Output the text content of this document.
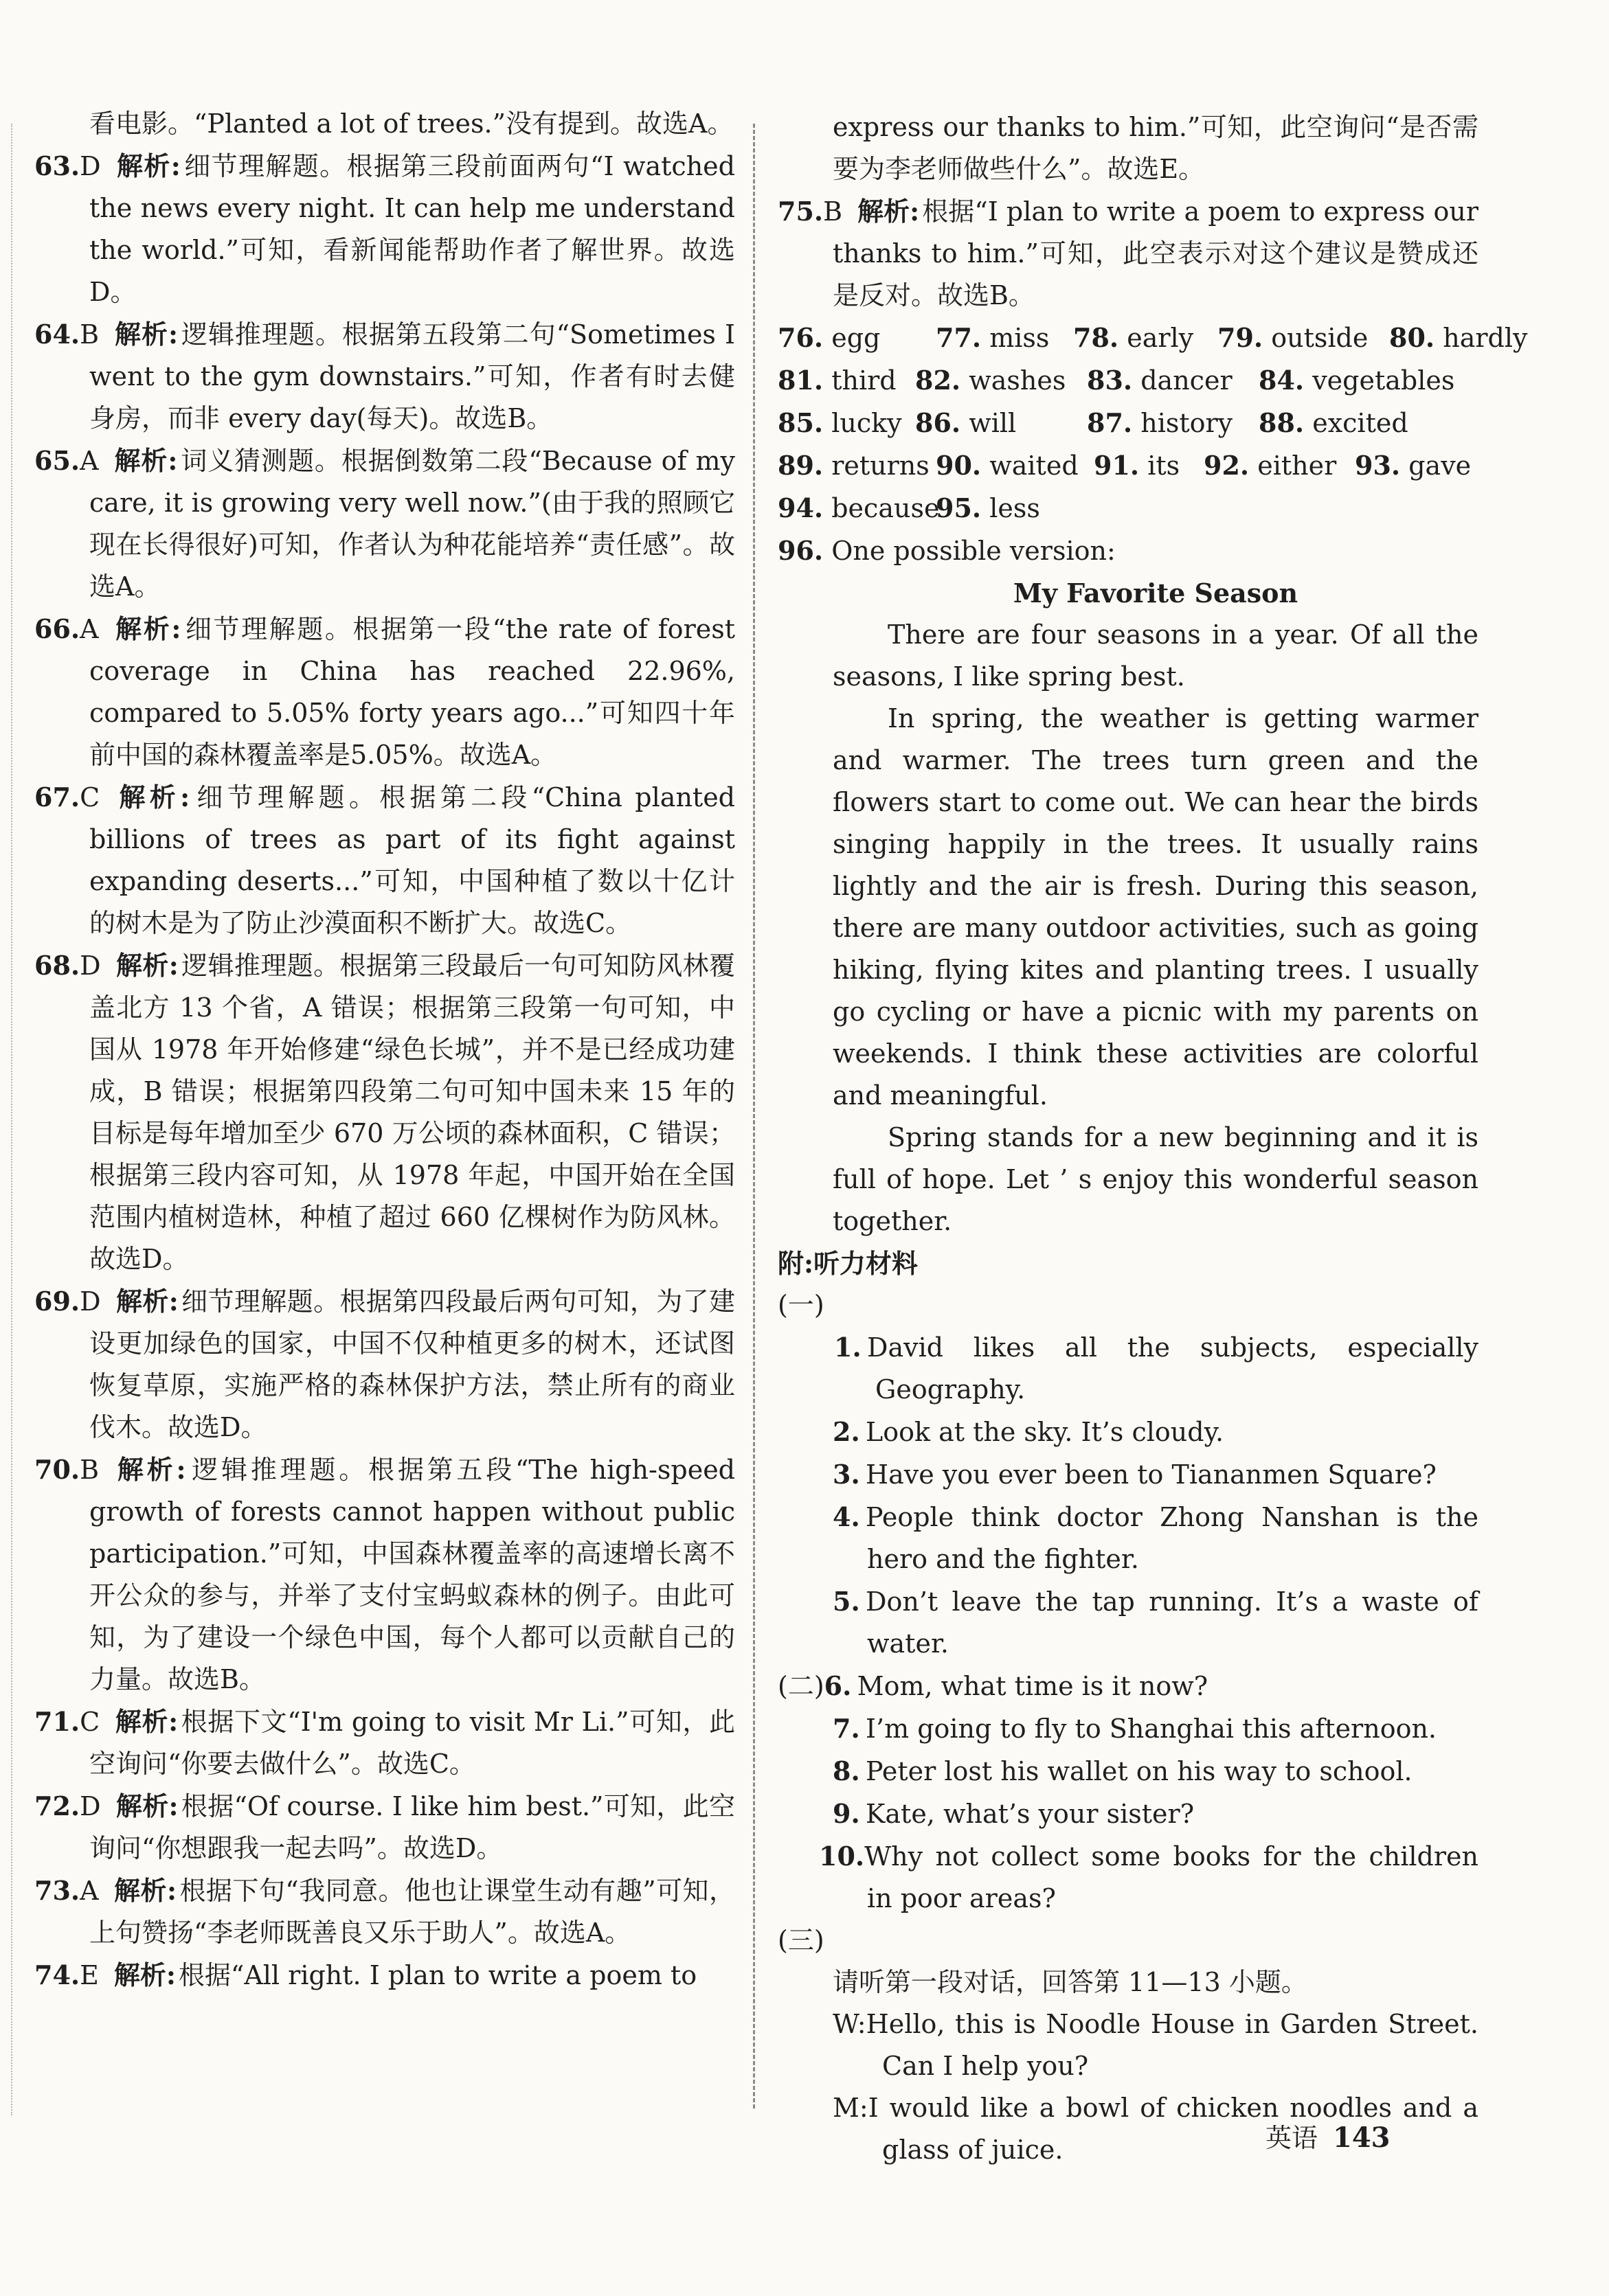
看电影。“Planted a lot of trees.”没有提到。故选A。

63.D 解析: 细节理解题。根据第三段前面两句“I watched the news every night. It can help me understand the world.”可知，看新闻能帮助作者了解世界。故选D。

64.B 解析: 逻辑推理题。根据第五段第二句“Sometimes I went to the gym downstairs.”可知，作者有时去健身房，而非 every day(每天)。故选B。

65.A 解析: 词义猜测题。根据倒数第二段“Because of my care, it is growing very well now.”(由于我的照顾它现在长得很好)可知，作者认为种花能培养“责任感”。故选A。

66.A 解析: 细节理解题。根据第一段“the rate of forest coverage in China has reached 22.96%, compared to 5.05% forty years ago...”可知四十年前中国的森林覆盖率是5.05%。故选A。

67.C 解析: 细节理解题。根据第二段“China planted billions of trees as part of its fight against expanding deserts...”可知，中国种植了数以十亿计的树木是为了防止沙漠面积不断扩大。故选C。

68.D 解析: 逻辑推理题。根据第三段最后一句可知防风林覆盖北方 13 个省，A 错误；根据第三段第一句可知，中国从 1978 年开始修建“绿色长城”，并不是已经成功建成，B 错误；根据第四段第二句可知中国未来 15 年的目标是每年增加至少 670 万公顷的森林面积，C 错误；根据第三段内容可知，从 1978 年起，中国开始在全国范围内植树造林，种植了超过 660 亿棵树作为防风林。故选D。

69.D 解析: 细节理解题。根据第四段最后两句可知，为了建设更加绿色的国家，中国不仅种植更多的树木，还试图恢复草原，实施严格的森林保护方法，禁止所有的商业伐木。故选D。

70.B 解析: 逻辑推理题。根据第五段“The high-speed growth of forests cannot happen without public participation.”可知，中国森林覆盖率的高速增长离不开公众的参与，并举了支付宝蚂蚁森林的例子。由此可知，为了建设一个绿色中国，每个人都可以贡献自己的力量。故选B。

71.C 解析: 根据下文“I'm going to visit Mr Li.”可知，此空询问“你要去做什么”。故选C。

72.D 解析: 根据“Of course. I like him best.”可知，此空询问“你想跟我一起去吗”。故选D。

73.A 解析: 根据下句“我同意。他也让课堂生动有趣”可知，上句赞扬“李老师既善良又乐于助人”。故选A。

74.E 解析: 根据“All right. I plan to write a poem to

express our thanks to him.”可知，此空询问“是否需要为李老师做些什么”。故选E。

75.B 解析: 根据“I plan to write a poem to express our thanks to him.”可知，此空表示对这个建议是赞成还是反对。故选B。

76. egg 77. miss 78. early 79. outside 80. hardly

81. third 82. washes 83. dancer 84. vegetables

85. lucky 86. will	87. history 88. excited

89. returns 90. waited 91. its 92. either 93. gave

94. because95. less

96. One possible version:

My Favorite Season

There are four seasons in a year. Of all the seasons, I like spring best.

In spring, the weather is getting warmer and warmer. The trees turn green and the flowers start to come out. We can hear the birds singing happily in the trees. It usually rains lightly and the air is fresh. During this season, there are many outdoor activities, such as going hiking, flying kites and planting trees. I usually go cycling or have a picnic with my parents on weekends. I think these activities are colorful and meaningful.

Spring stands for a new beginning and it is full of hope. Let ’ s enjoy this wonderful season together.

附:听力材料

(一)

1. David likes all the subjects, especially Geography.

2. Look at the sky. It’s cloudy.

3. Have you ever been to Tiananmen Square?

4. People think doctor Zhong Nanshan is the hero and the fighter.

5. Don’t leave the tap running. It’s a waste of water.

(二)6. Mom, what time is it now?

7. I’m going to fly to Shanghai this afternoon.

8. Peter lost his wallet on his way to school.

9. Kate, what’s your sister?

10.Why not collect some books for the children in poor areas?

(三)

请听第一段对话，回答第 11—13 小题。

W:Hello, this is Noodle House in Garden Street. Can I help you?

M:I would like a bowl of chicken noodles and a glass of juice.	英语 143
